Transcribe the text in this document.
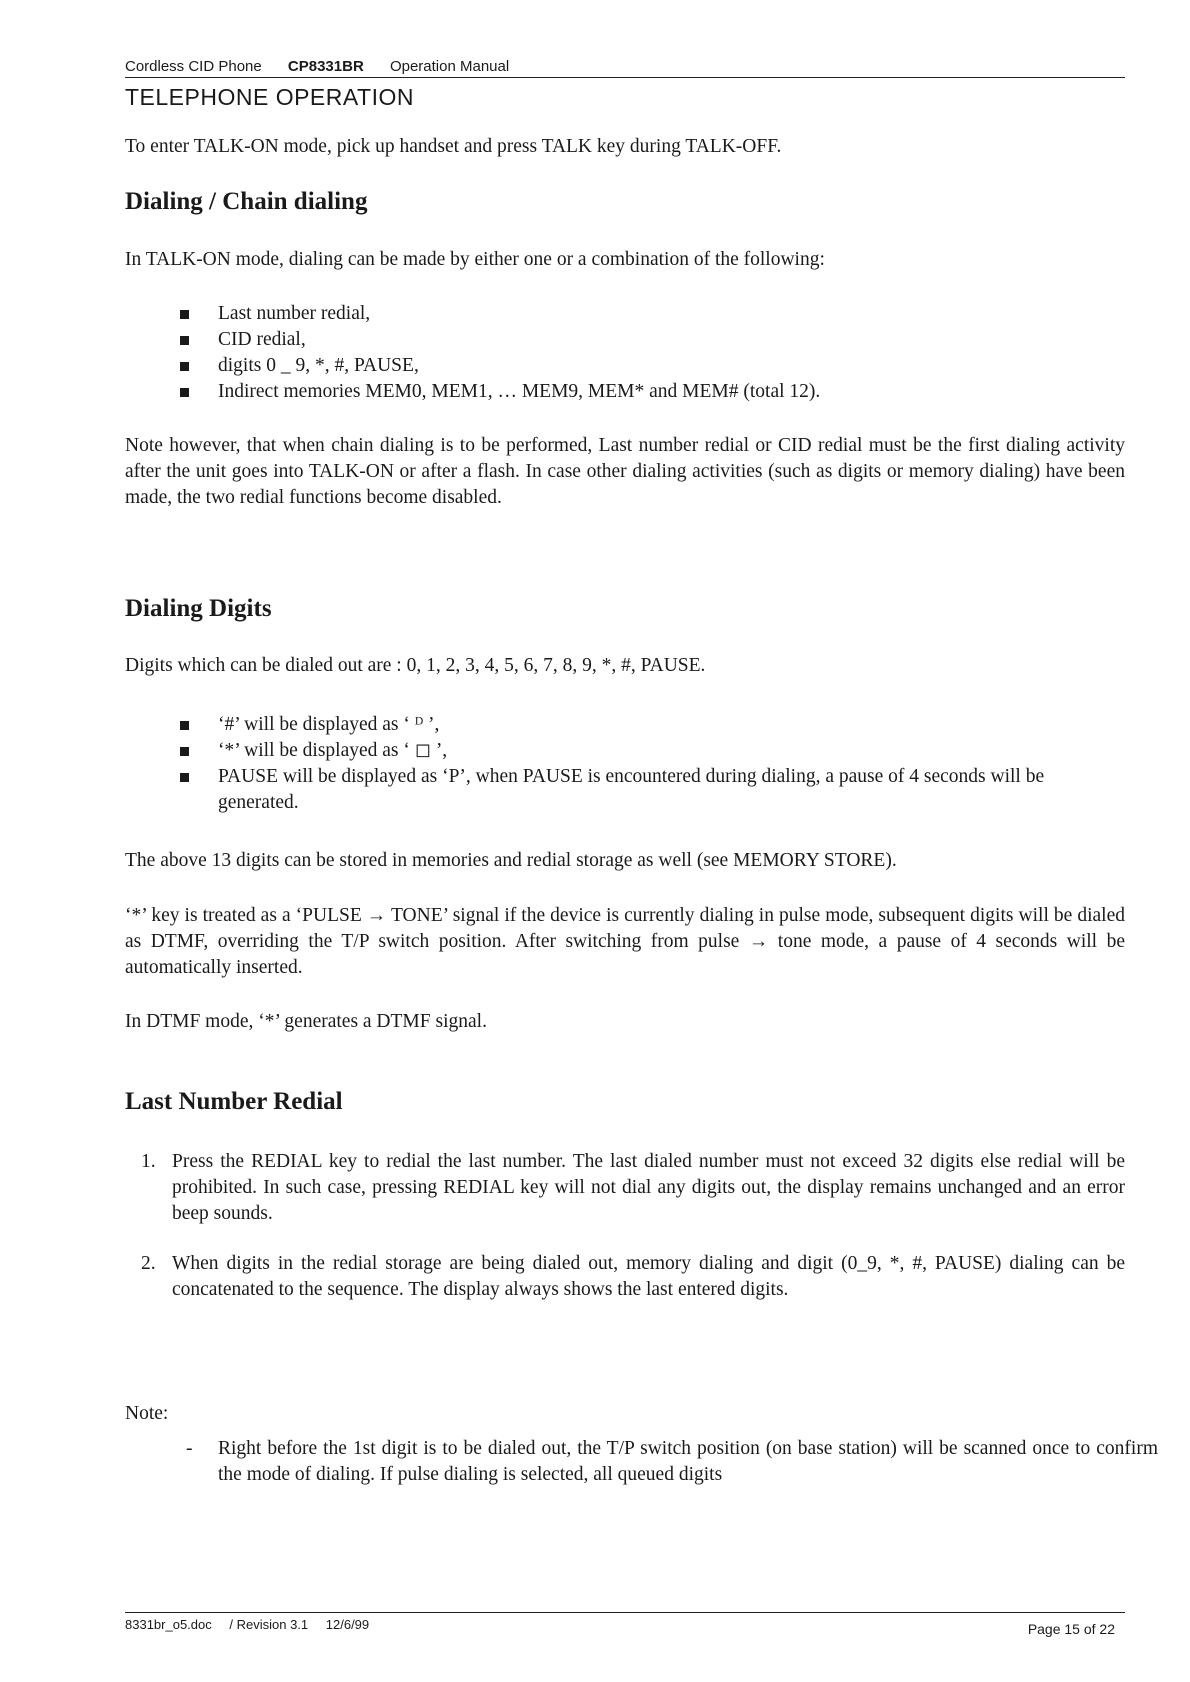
Cordless CID Phone CP8331BR Operation Manual
TELEPHONE OPERATION

To enter TALK-ON mode, pick up handset and press TALK key during TALK-OFF.

Dialing / Chain dialing

In TALK-ON mode, dialing can be made by either one or a combination of the following:

Last number redial,
CID redial,
digits 0 _ 9, *, #, PAUSE,
Indirect memories MEM0, MEM1, … MEM9, MEM* and MEM# (total 12).

Note however, that when chain dialing is to be performed, Last number redial or CID redial must be the first dialing activity after the unit goes into TALK-ON or after a flash. In case other dialing activities (such as digits or memory dialing) have been made, the two redial functions become disabled.

Dialing Digits

Digits which can be dialed out are : 0, 1, 2, 3, 4, 5, 6, 7, 8, 9, *, #, PAUSE.

‘#’ will be displayed as ‘ ᴰ ’,
‘*’ will be displayed as ‘ ◻ ’,
PAUSE will be displayed as ‘P’, when PAUSE is encountered during dialing, a pause of 4 seconds will be generated.

The above 13 digits can be stored in memories and redial storage as well (see MEMORY STORE).

‘*’ key is treated as a ‘PULSE → TONE’ signal if the device is currently dialing in pulse mode, subsequent digits will be dialed as DTMF, overriding the T/P switch position. After switching from pulse → tone mode, a pause of 4 seconds will be automatically inserted.

In DTMF mode, ‘*’ generates a DTMF signal.

Last Number Redial
1. Press the REDIAL key to redial the last number. The last dialed number must not exceed 32 digits else redial will be prohibited. In such case, pressing REDIAL key will not dial any digits out, the display remains unchanged and an error beep sounds.
2. When digits in the redial storage are being dialed out, memory dialing and digit (0_9, *, #, PAUSE) dialing can be concatenated to the sequence. The display always shows the last entered digits.
Note:
- Right before the 1st digit is to be dialed out, the T/P switch position (on base station) will be scanned once to confirm the mode of dialing. If pulse dialing is selected, all queued digits
8331br_o5.doc / Revision 3.1 12/6/99	Page 15 of 22
